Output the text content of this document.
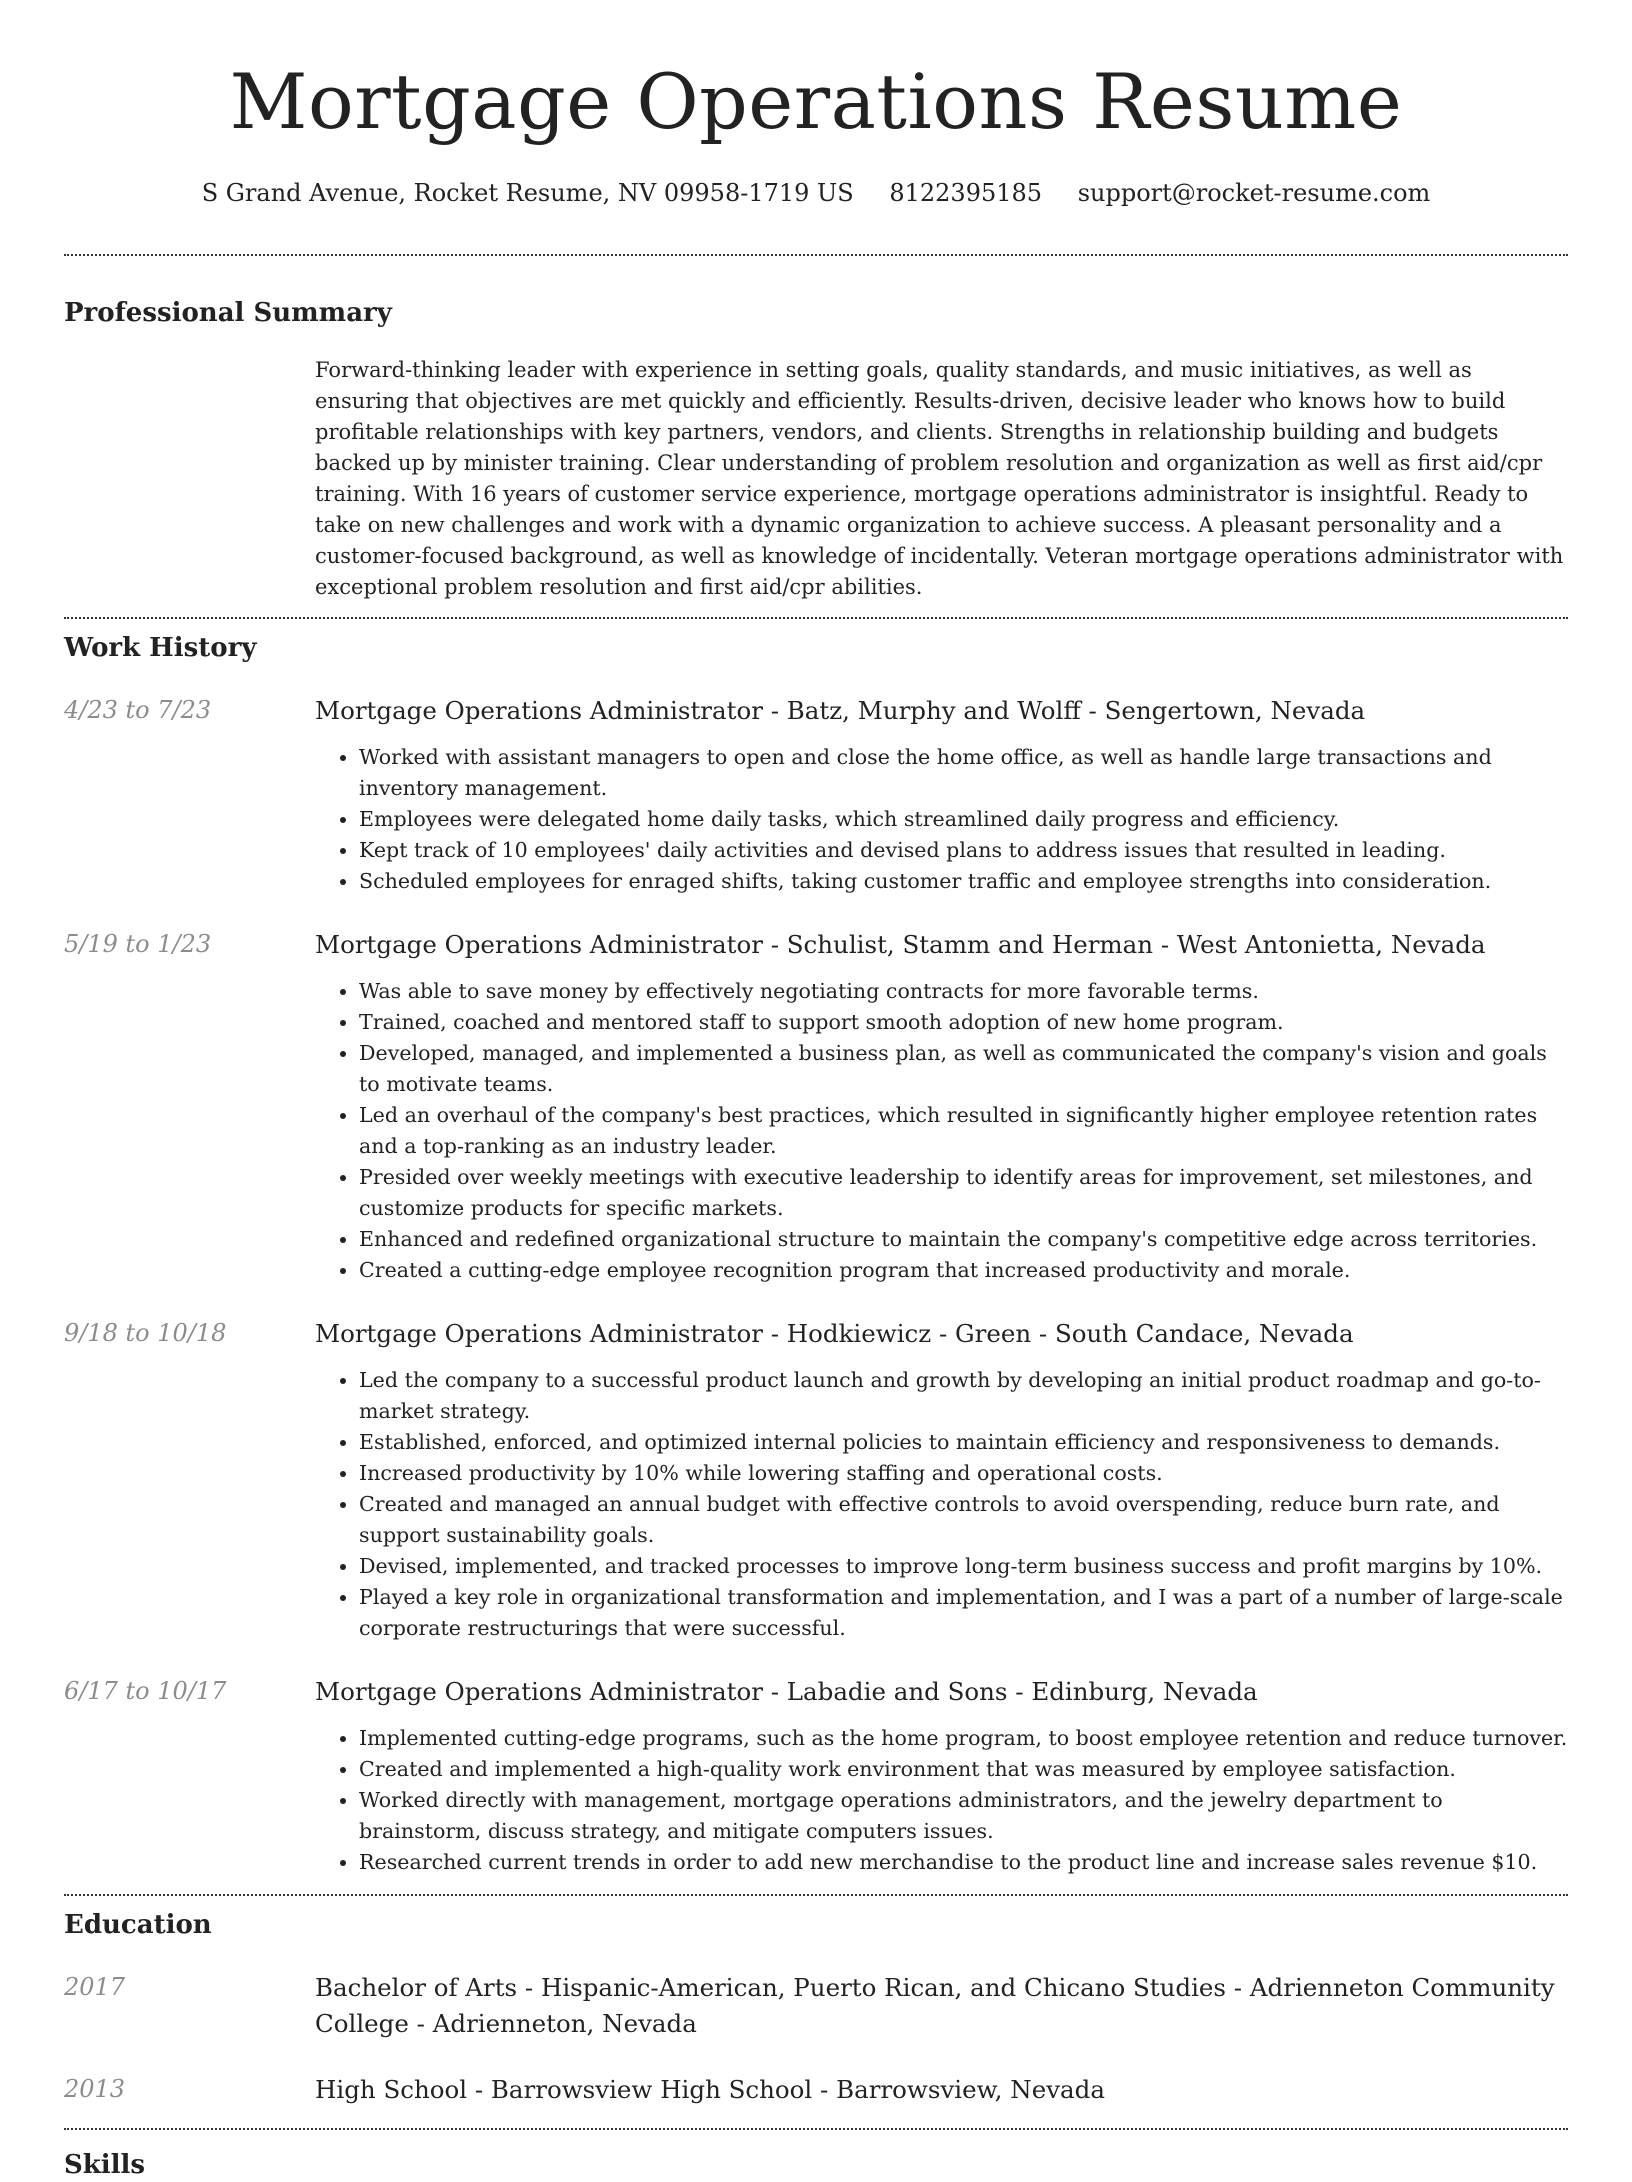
Mortgage Operations Resume
S Grand Avenue, Rocket Resume, NV 09958-1719 US 8122395185 support@rocket-resume.com
Professional Summary

Forward-thinking leader with experience in setting goals, quality standards, and music initiatives, as well as ensuring that objectives are met quickly and efficiently. Results-driven, decisive leader who knows how to build profitable relationships with key partners, vendors, and clients. Strengths in relationship building and budgets backed up by minister training. Clear understanding of problem resolution and organization as well as first aid/cpr training. With 16 years of customer service experience, mortgage operations administrator is insightful. Ready to take on new challenges and work with a dynamic organization to achieve success. A pleasant personality and a customer-focused background, as well as knowledge of incidentally. Veteran mortgage operations administrator with exceptional problem resolution and first aid/cpr abilities.

Work History
4/23 to 7/23	Mortgage Operations Administrator - Batz, Murphy and Wolff - Sengertown, Nevada
• Worked with assistant managers to open and close the home office, as well as handle large transactions and inventory management.
• Employees were delegated home daily tasks, which streamlined daily progress and efficiency.
• Kept track of 10 employees' daily activities and devised plans to address issues that resulted in leading.
• Scheduled employees for enraged shifts, taking customer traffic and employee strengths into consideration.
5/19 to 1/23	Mortgage Operations Administrator - Schulist, Stamm and Herman - West Antonietta, Nevada
• Was able to save money by effectively negotiating contracts for more favorable terms.
• Trained, coached and mentored staff to support smooth adoption of new home program.
• Developed, managed, and implemented a business plan, as well as communicated the company's vision and goals to motivate teams.
• Led an overhaul of the company's best practices, which resulted in significantly higher employee retention rates and a top-ranking as an industry leader.
• Presided over weekly meetings with executive leadership to identify areas for improvement, set milestones, and customize products for specific markets.
• Enhanced and redefined organizational structure to maintain the company's competitive edge across territories.
• Created a cutting-edge employee recognition program that increased productivity and morale.
9/18 to 10/18	Mortgage Operations Administrator - Hodkiewicz - Green - South Candace, Nevada
• Led the company to a successful product launch and growth by developing an initial product roadmap and go-to-market strategy.
• Established, enforced, and optimized internal policies to maintain efficiency and responsiveness to demands.
• Increased productivity by 10% while lowering staffing and operational costs.
• Created and managed an annual budget with effective controls to avoid overspending, reduce burn rate, and support sustainability goals.
• Devised, implemented, and tracked processes to improve long-term business success and profit margins by 10%.
• Played a key role in organizational transformation and implementation, and I was a part of a number of large-scale corporate restructurings that were successful.
6/17 to 10/17	Mortgage Operations Administrator - Labadie and Sons - Edinburg, Nevada
• Implemented cutting-edge programs, such as the home program, to boost employee retention and reduce turnover.
• Created and implemented a high-quality work environment that was measured by employee satisfaction.
• Worked directly with management, mortgage operations administrators, and the jewelry department to brainstorm, discuss strategy, and mitigate computers issues.
• Researched current trends in order to add new merchandise to the product line and increase sales revenue $10.
Education
2017	Bachelor of Arts - Hispanic-American, Puerto Rican, and Chicano Studies - Adrienneton Community College - Adrienneton, Nevada
2013	High School - Barrowsview High School - Barrowsview, Nevada
Skills
